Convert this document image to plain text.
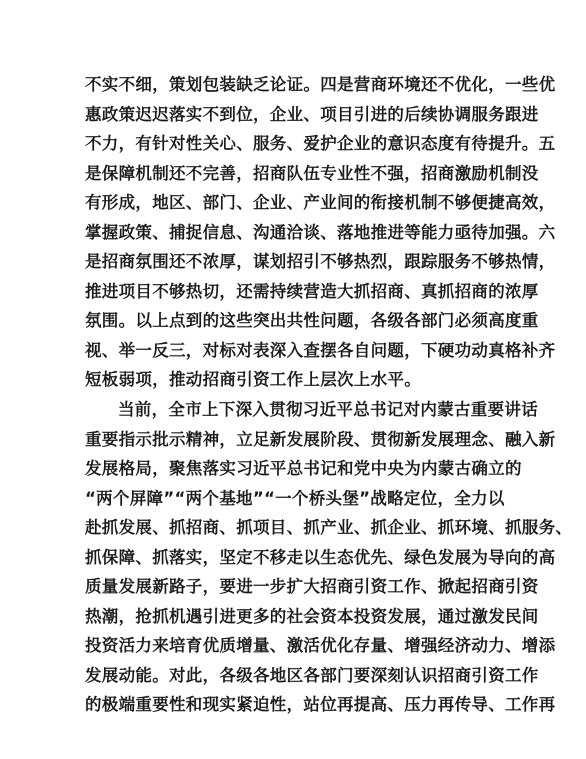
不实不细，策划包装缺乏论证。四是营商环境还不优化，一些优
惠政策迟迟落实不到位，企业、项目引进的后续协调服务跟进
不力，有针对性关心、服务、爱护企业的意识态度有待提升。五
是保障机制还不完善，招商队伍专业性不强，招商激励机制没
有形成，地区、部门、企业、产业间的衔接机制不够便捷高效，
掌握政策、捕捉信息、沟通洽谈、落地推进等能力亟待加强。六
是招商氛围还不浓厚，谋划招引不够热烈，跟踪服务不够热情，
推进项目不够热切，还需持续营造大抓招商、真抓招商的浓厚
氛围。以上点到的这些突出共性问题，各级各部门必须高度重
视、举一反三，对标对表深入查摆各自问题，下硬功动真格补齐
短板弱项，推动招商引资工作上层次上水平。
当前，全市上下深入贯彻习近平总书记对内蒙古重要讲话
重要指示批示精神，立足新发展阶段、贯彻新发展理念、融入新
发展格局，聚焦落实习近平总书记和党中央为内蒙古确立的
“两个屏障”“两个基地”“一个桥头堡”战略定位，全力以
赴抓发展、抓招商、抓项目、抓产业、抓企业、抓环境、抓服务、
抓保障、抓落实，坚定不移走以生态优先、绿色发展为导向的高
质量发展新路子，要进一步扩大招商引资工作、掀起招商引资
热潮，抢抓机遇引进更多的社会资本投资发展，通过激发民间
投资活力来培育优质增量、激活优化存量、增强经济动力、增添
发展动能。对此，各级各地区各部门要深刻认识招商引资工作
的极端重要性和现实紧迫性，站位再提高、压力再传导、工作再
